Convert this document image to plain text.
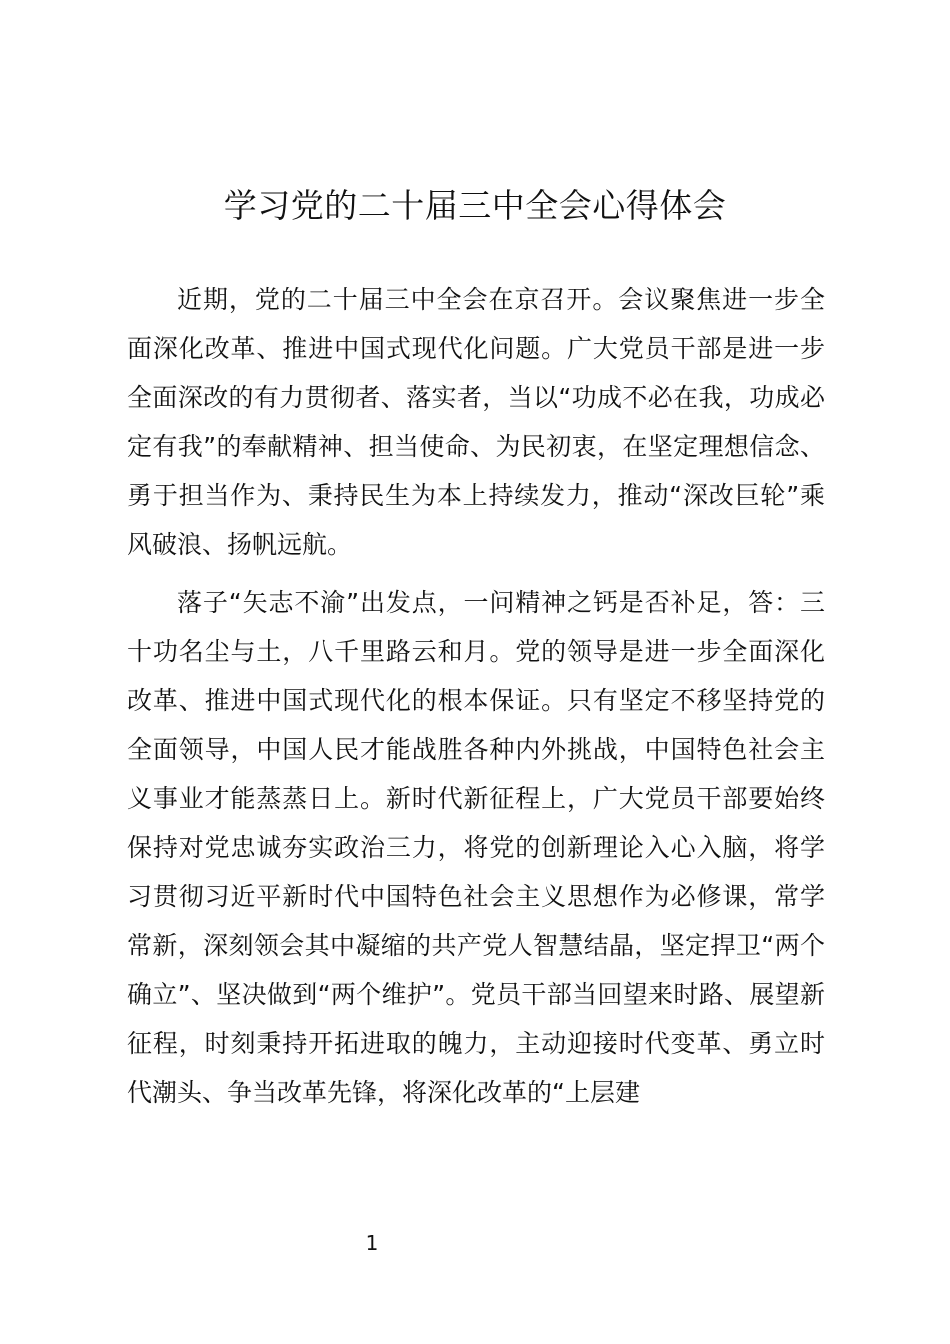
学习党的二十届三中全会心得体会

近期，党的二十届三中全会在京召开。会议聚焦进一步全面深化改革、推进中国式现代化问题。广大党员干部是进一步全面深改的有力贯彻者、落实者，当以“功成不必在我，功成必定有我”的奉献精神、担当使命、为民初衷，在坚定理想信念、勇于担当作为、秉持民生为本上持续发力，推动“深改巨轮”乘风破浪、扬帆远航。

落子“矢志不渝”出发点，一问精神之钙是否补足，答：三十功名尘与土，八千里路云和月。党的领导是进一步全面深化改革、推进中国式现代化的根本保证。只有坚定不移坚持党的全面领导，中国人民才能战胜各种内外挑战，中国特色社会主义事业才能蒸蒸日上。新时代新征程上，广大党员干部要始终保持对党忠诚夯实政治三力，将党的创新理论入心入脑，将学习贯彻习近平新时代中国特色社会主义思想作为必修课，常学常新，深刻领会其中凝缩的共产党人智慧结晶，坚定捍卫“两个确立”、坚决做到“两个维护”。党员干部当回望来时路、展望新征程，时刻秉持开拓进取的魄力，主动迎接时代变革、勇立时代潮头、争当改革先锋，将深化改革的“上层建

1
